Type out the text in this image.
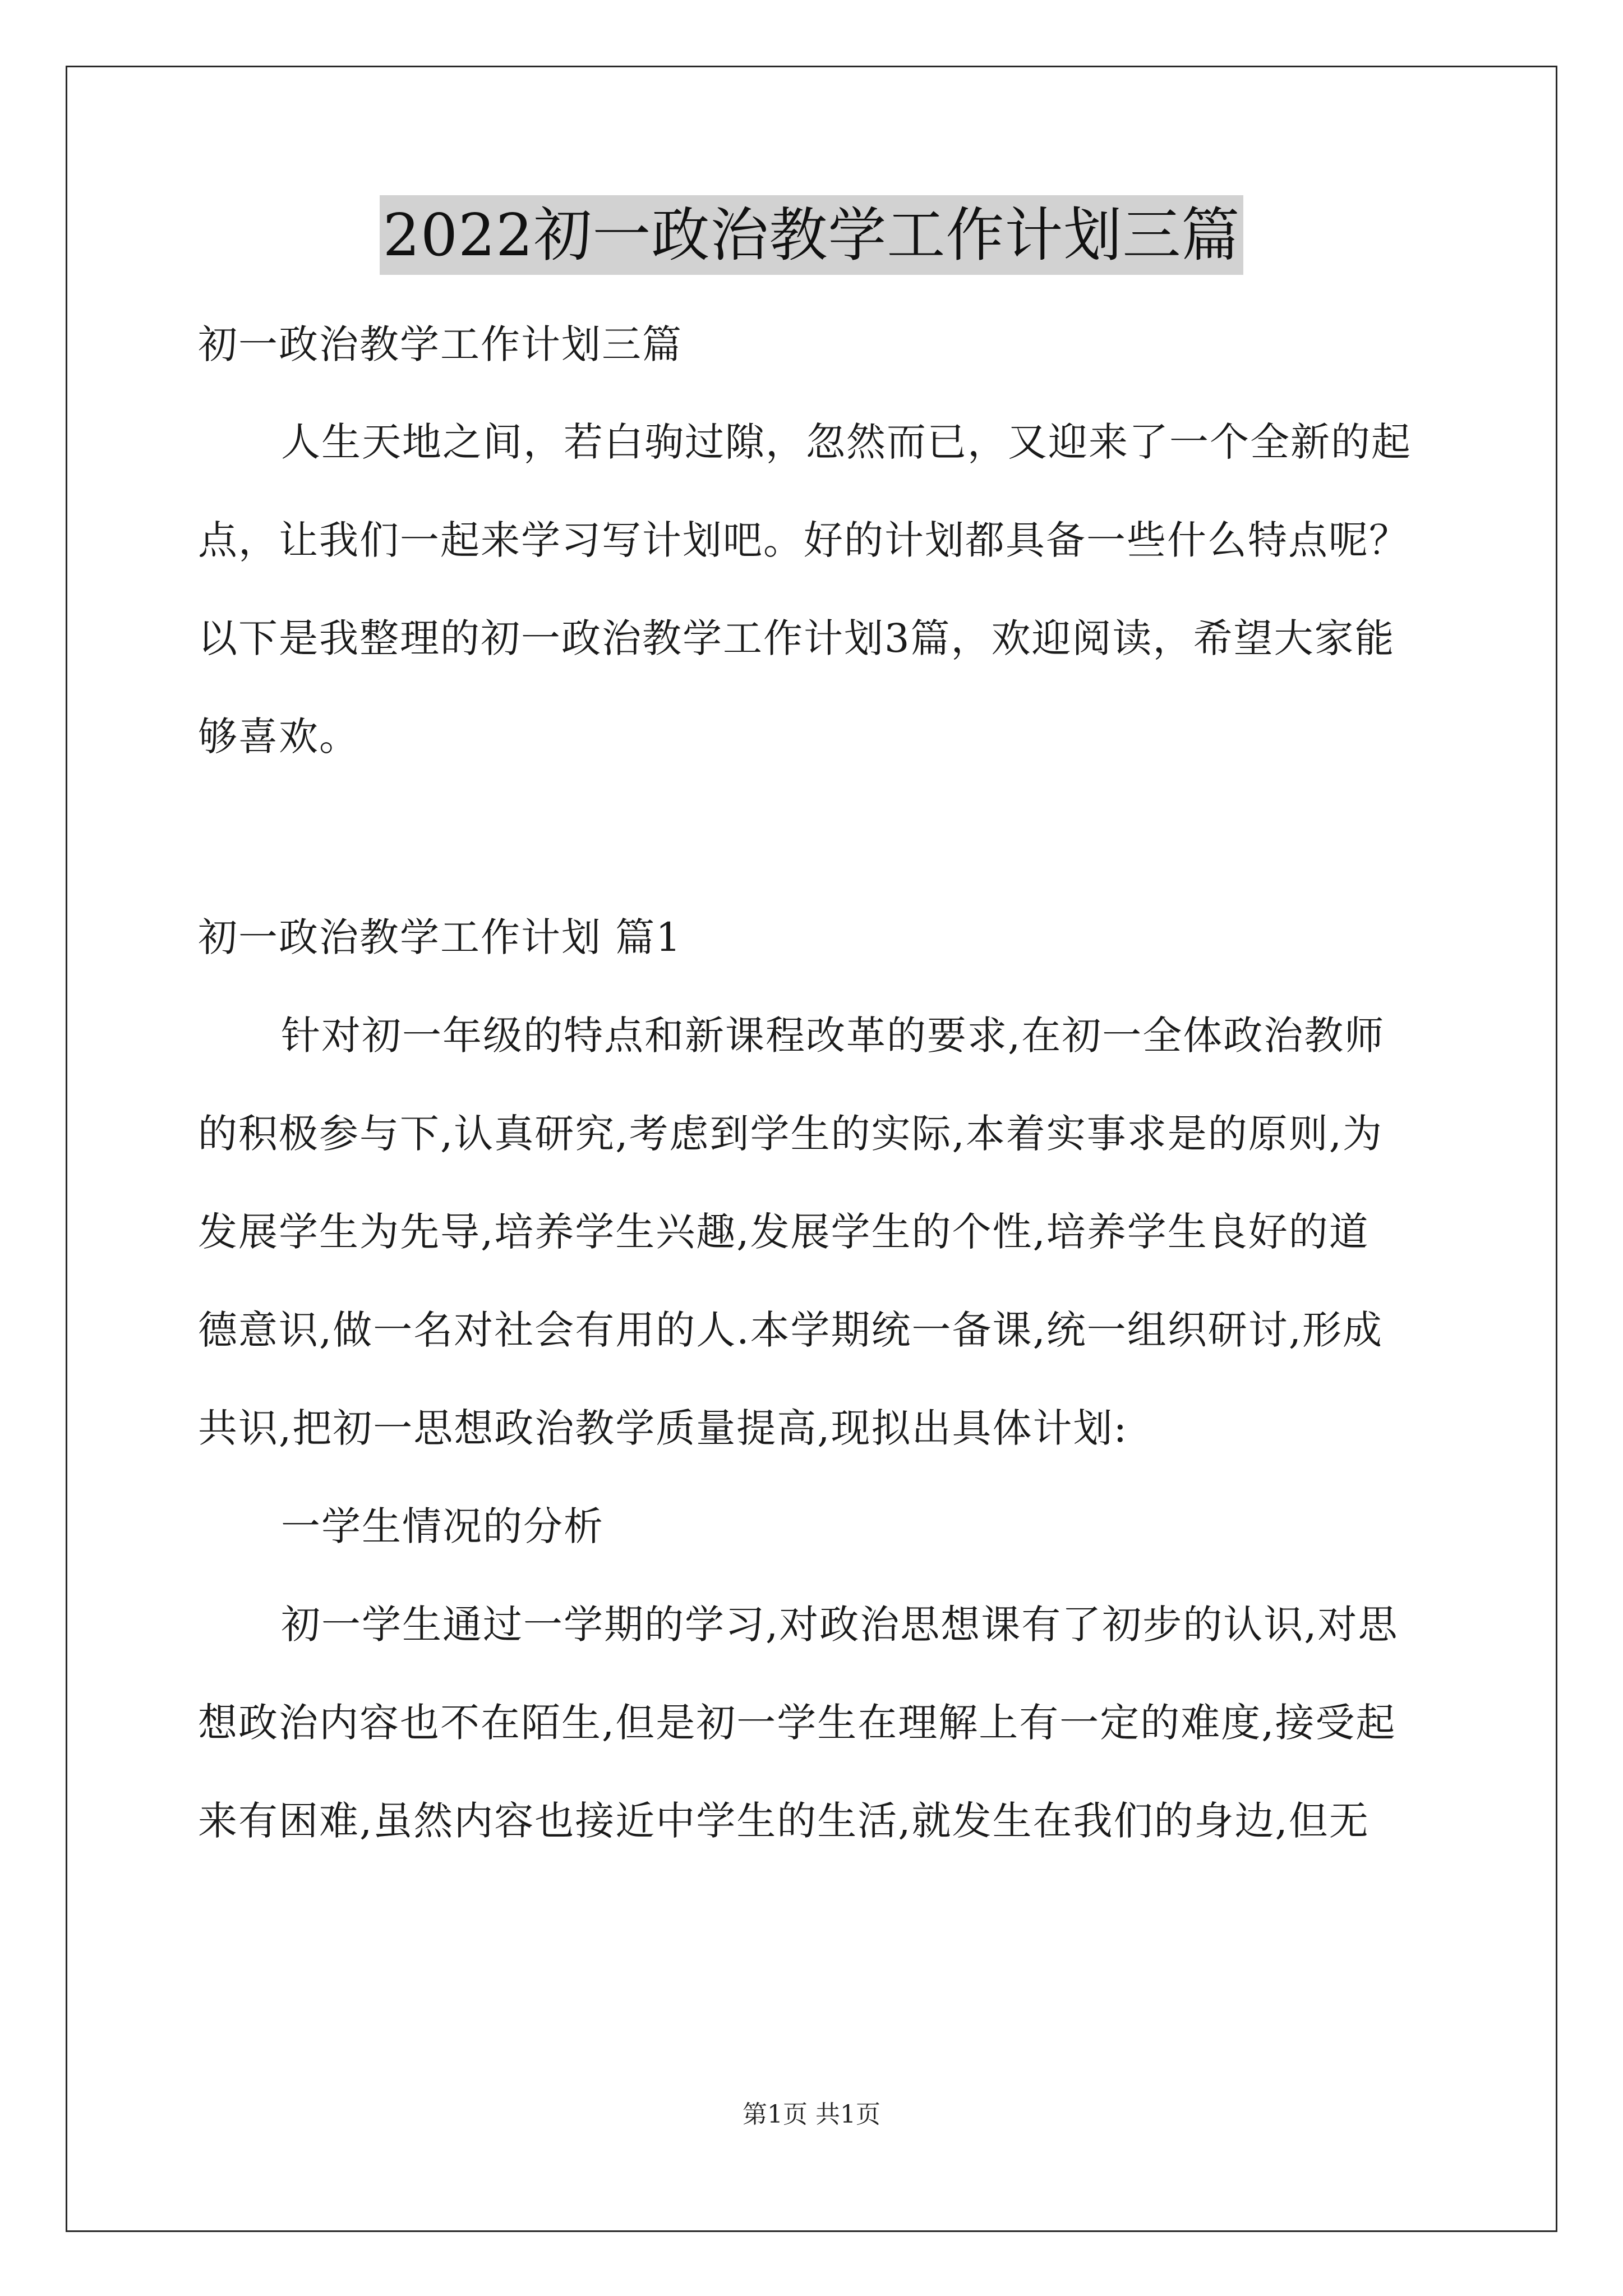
2022初一政治教学工作计划三篇
初一政治教学工作计划三篇
人生天地之间，若白驹过隙，忽然而已，又迎来了一个全新的起
点，让我们一起来学习写计划吧。好的计划都具备一些什么特点呢？
以下是我整理的初一政治教学工作计划3篇，欢迎阅读，希望大家能
够喜欢。
初一政治教学工作计划 篇1
针对初一年级的特点和新课程改革的要求,在初一全体政治教师
的积极参与下,认真研究,考虑到学生的实际,本着实事求是的原则,为
发展学生为先导,培养学生兴趣,发展学生的个性,培养学生良好的道
德意识,做一名对社会有用的人.本学期统一备课,统一组织研讨,形成
共识,把初一思想政治教学质量提高,现拟出具体计划:
一学生情况的分析
初一学生通过一学期的学习,对政治思想课有了初步的认识,对思
想政治内容也不在陌生,但是初一学生在理解上有一定的难度,接受起
来有困难,虽然内容也接近中学生的生活,就发生在我们的身边,但无
第1页 共1页
